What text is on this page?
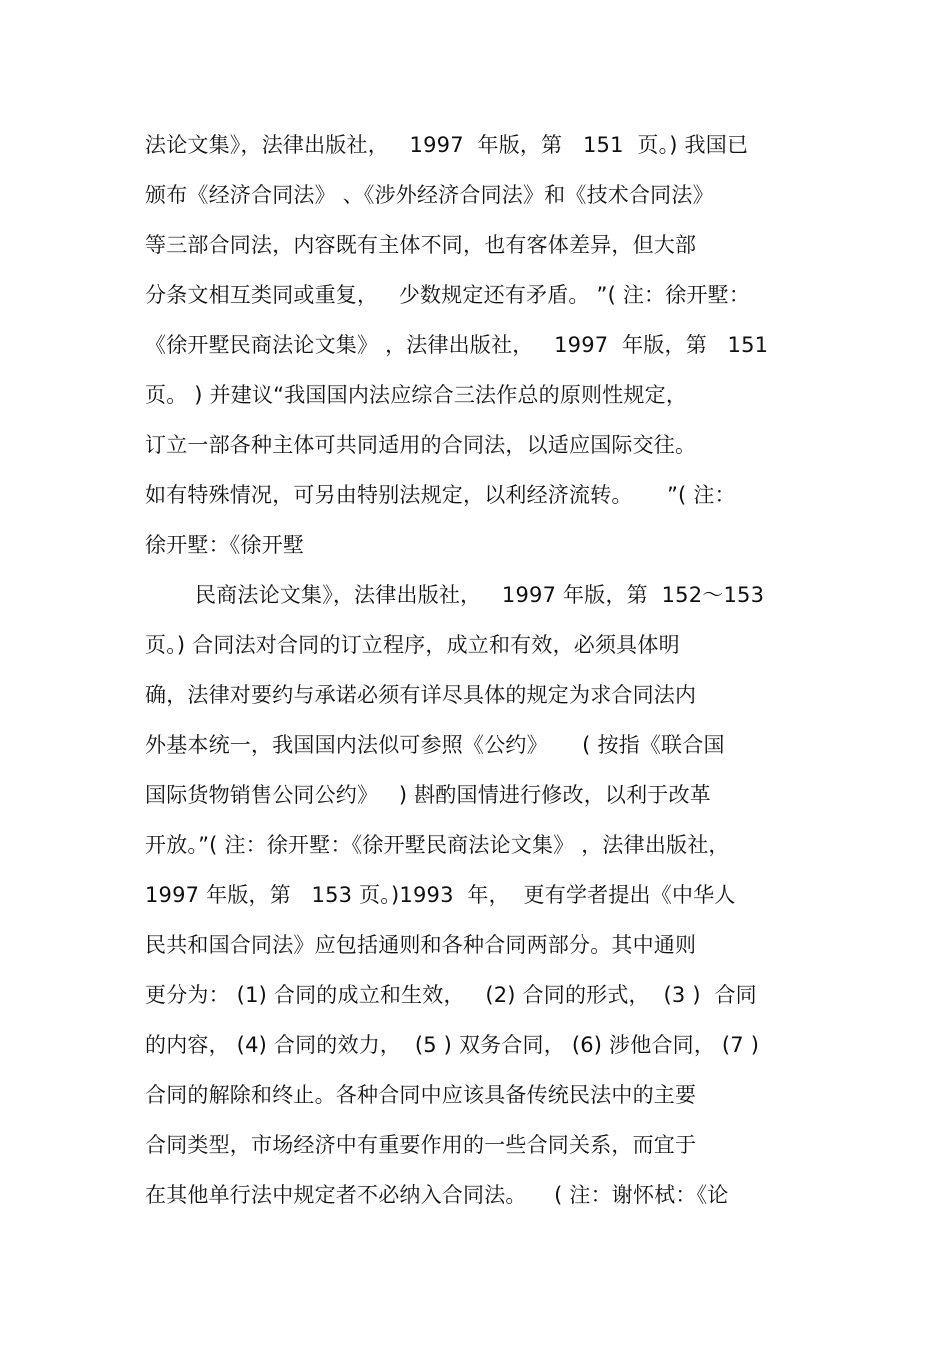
法论文集》，法律出版社，   1997  年版，第   151  页。) 我国已
颁布《经济合同法》 、《涉外经济合同法》和《技术合同法》
等三部合同法，内容既有主体不同，也有客体差异，但大部
分条文相互类同或重复，   少数规定还有矛盾。 ”( 注：徐开墅：
《徐开墅民商法论文集》 ，法律出版社，   1997  年版，第   151
页。 ) 并建议“我国国内法应综合三法作总的原则性规定，
订立一部各种主体可共同适用的合同法，以适应国际交往。
如有特殊情况，可另由特别法规定，以利经济流转。     ”( 注：
徐开墅：《徐开墅
民商法论文集》，法律出版社，   1997 年版，第  152～153
页。) 合同法对合同的订立程序，成立和有效，必须具体明
确，法律对要约与承诺必须有详尽具体的规定为求合同法内
外基本统一，我国国内法似可参照《公约》     ( 按指《联合国
国际货物销售公同公约》   ) 斟酌国情进行修改，以利于改革
开放。”( 注：徐开墅：《徐开墅民商法论文集》 ，法律出版社，
1997 年版，第   153 页。)1993  年，  更有学者提出《中华人
民共和国合同法》应包括通则和各种合同两部分。其中通则
更分为： (1) 合同的成立和生效，   (2) 合同的形式，  (3 )  合同
的内容， (4) 合同的效力，  (5 ) 双务合同， (6) 涉他合同， (7 )
合同的解除和终止。各种合同中应该具备传统民法中的主要
合同类型，市场经济中有重要作用的一些合同关系，而宜于
在其他单行法中规定者不必纳入合同法。    ( 注：谢怀栻：《论
